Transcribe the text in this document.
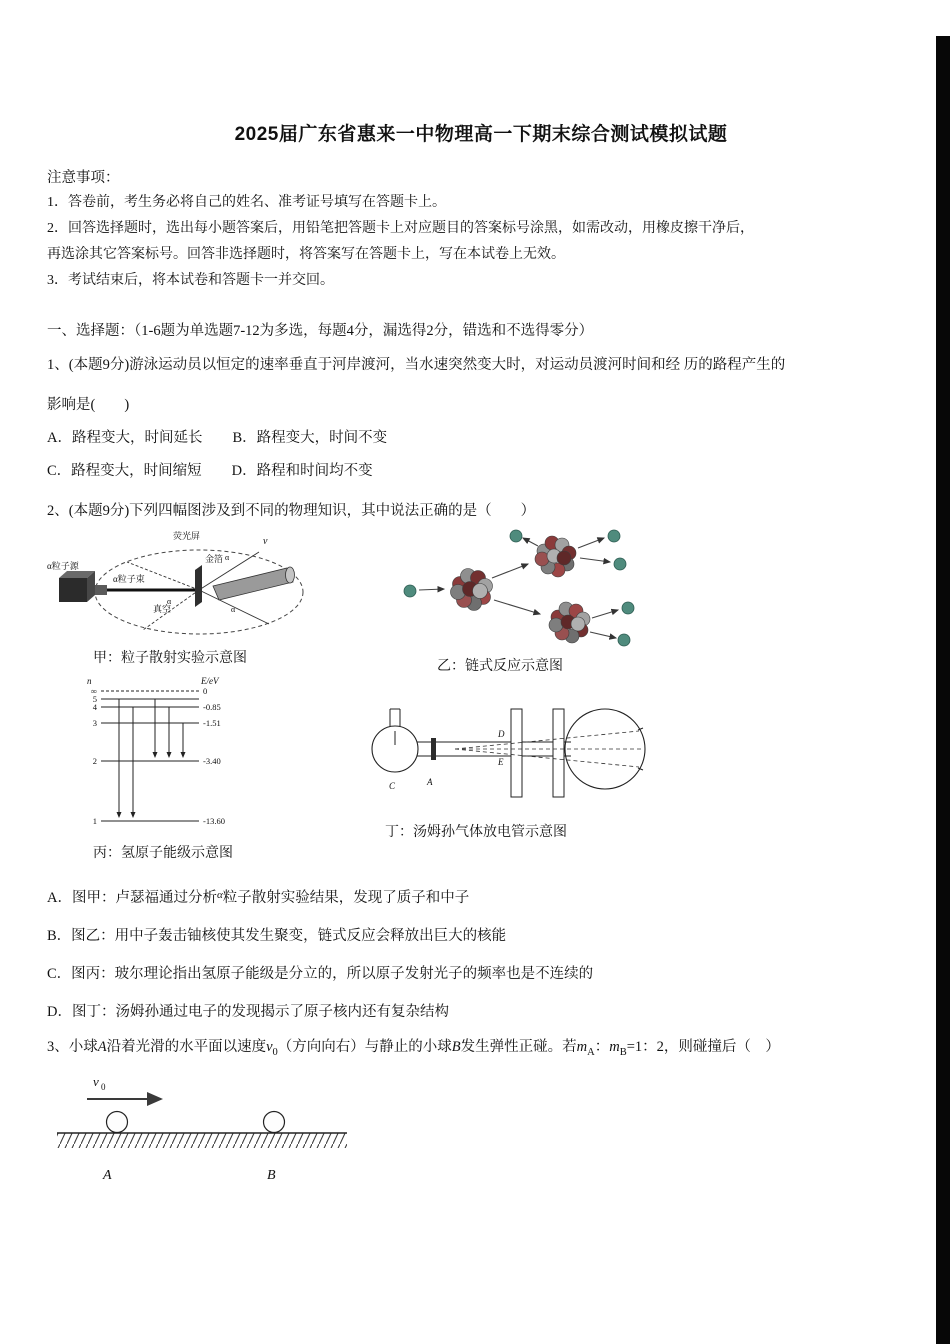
2025届广东省惠来一中物理高一下期末综合测试模拟试题

注意事项：

1．答卷前，考生务必将自己的姓名、准考证号填写在答题卡上。

2．回答选择题时，选出每小题答案后，用铅笔把答题卡上对应题目的答案标号涂黑，如需改动，用橡皮擦干净后，
再选涂其它答案标号。回答非选择题时，将答案写在答题卡上，写在本试卷上无效。

3．考试结束后，将本试卷和答题卡一并交回。

一、选择题：（1-6题为单选题7-12为多选，每题4分，漏选得2分，错选和不选得零分）

1、(本题9分)游泳运动员以恒定的速率垂直于河岸渡河，当水速突然变大时，对运动员渡河时间和经 历的路程产生的

影响是(　　)

A．路程变大，时间延长 B．路程变大，时间不变

C．路程变大，时间缩短 D．路程和时间均不变

2、(本题9分)下列四幅图涉及到不同的物理知识，其中说法正确的是（　　）

荧光屏	v
α粒子源
α粒子束
金箔
真空
α
α
α
甲：粒子散射实验示意图
乙：链式反应示意图
n	E/eV
∞
5
4
3
2
1
0
-0.85
-1.51
-3.40
-13.60
丙：氢原子能级示意图
C	A
D
E
丁：汤姆孙气体放电管示意图

A．图甲：卢瑟福通过分析$^\alpha$粒子散射实验结果，发现了质子和中子

B．图乙：用中子轰击铀核使其发生聚变，链式反应会释放出巨大的核能

C．图丙：玻尔理论指出氢原子能级是分立的，所以原子发射光子的频率也是不连续的

D．图丁：汤姆孙通过电子的发现揭示了原子核内还有复杂结构

3、小球A沿着光滑的水平面以速度$v_0$（方向向右）与静止的小球B发生弹性正碰。若$m_A$：$m_B=1$：2，则碰撞后（　）

v 0
A	B
